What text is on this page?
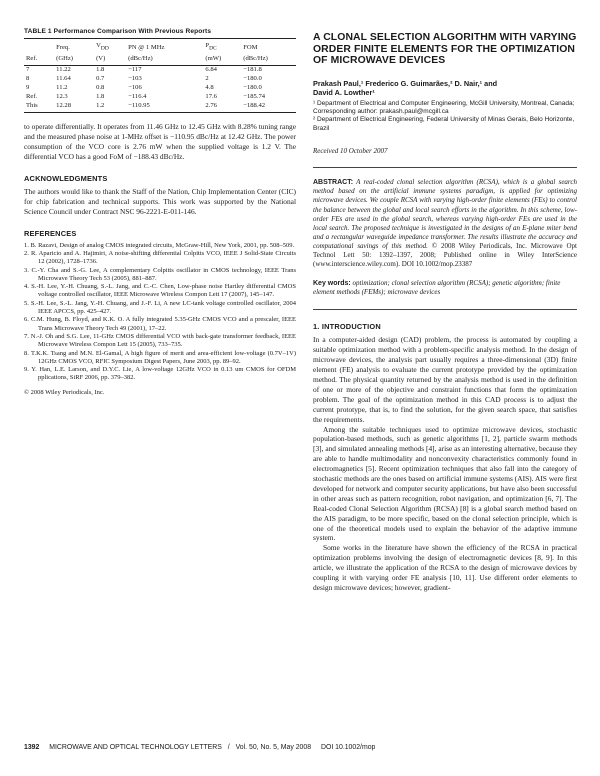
TABLE 1 Performance Comparison With Previous Reports

	Freq.	$V_{DD}$	PN @ 1 MHz	$P_{DC}$	FOM
Ref.	(GHz)	(V)	(dBc/Hz)	(mW)	(dBc/Hz)
7	11.22	1.8	−117	6.84	−181.8
8	11.64	0.7	−103	2	−180.0
9	11.2	0.8	−106	4.8	−180.0
Ref.	12.3	1.8	−116.4	17.6	−185.74
This	12.28	1.2	−110.95	2.76	−188.42

to operate differentially. It operates from 11.46 GHz to 12.45 GHz with 8.28% tuning range and the measured phase noise at 1-MHz offset is −110.95 dBc/Hz at 12.42 GHz. The power consumption of the VCO core is 2.76 mW when the supplied voltage is 1.2 V. The differential VCO has a good FoM of −188.43 dBc/Hz.

ACKNOWLEDGMENTS

The authors would like to thank the Staff of the Nation, Chip Implementation Center (CIC) for chip fabrication and technical supports. This work was supported by the National Science Council under Contract NSC 96-2221-E-011-146.

REFERENCES
1. B. Razavi, Design of analog CMOS integrated circuits, McGraw-Hill, New York, 2001, pp. 508–509.
2. R. Aparicio and A. Hajimiri, A noise-shifting differential Colpitts VCO, IEEE J Solid-State Circuits 12 (2002), 1728–1736.
3. C.-Y. Cha and S.-G. Lee, A complementary Colpitts oscillator in CMOS technology, IEEE Trans Microwave Theory Tech 53 (2005), 881–887.
4. S.-H. Lee, Y.-H. Chuang, S.-L. Jang, and C.-C. Chen, Low-phase noise Hartley differential CMOS voltage controlled oscillator, IEEE Microwave Wireless Compon Lett 17 (2007), 145–147.
5. S.-H. Lee, S.-L. Jang, Y.-H. Chuang, and J.-F. Li, A new LC-tank voltage controlled oscillator, 2004 IEEE APCCS, pp. 425–427.
6. C.M. Hung, B. Floyd, and K.K. O. A fully integrated 5.35-GHz CMOS VCO and a prescaler, IEEE Trans Microwave Theory Tech 49 (2001), 17–22.
7. N.-J. Oh and S.G. Lee, 11-GHz CMOS differential VCO with back-gate transformer feedback, IEEE Microwave Wireless Compon Lett 15 (2005), 733–735.
8. T.K.K. Tsang and M.N. El-Gamal, A high figure of merit and area-efficient low-voltage (0.7V–1V) 12GHz CMOS VCO, RFIC Symposium Digest Papers, June 2003, pp. 89–92.
9. Y. Han, L.E. Larson, and D.Y.C. Lie, A low-voltage 12GHz VCO in 0.13 um CMOS for OFDM pplications, SiRF 2006, pp. 379–382.
© 2008 Wiley Periodicals, Inc.
A CLONAL SELECTION ALGORITHM WITH VARYING ORDER FINITE ELEMENTS FOR THE OPTIMIZATION OF MICROWAVE DEVICES
Prakash Paul,¹ Frederico G. Guimarães,² D. Nair,¹ and
David A. Lowther¹

¹ Department of Electrical and Computer Engineering, McGill University, Montreal, Canada; Corresponding author: prakash.paul@mcgill.ca

² Department of Electrical Engineering, Federal University of Minas Gerais, Belo Horizonte, Brazil

Received 10 October 2007

ABSTRACT: A real-coded clonal selection algorithm (RCSA), which is a global search method based on the artificial immune systems paradigm, is applied for optimizing microwave devices. We couple RCSA with varying high-order finite elements (FEs) to control the balance between the global and local search efforts in the algorithm. In this scheme, low-order FEs are used in the global search, whereas varying high-order FEs are used in the local search. The proposed technique is investigated in the designs of an E-plane miter bend and a rectangular waveguide impedance transformer. The results illustrate the accuracy and computational savings of this method. © 2008 Wiley Periodicals, Inc. Microwave Opt Technol Lett 50: 1392–1397, 2008; Published online in Wiley InterScience (www.interscience.wiley.com). DOI 10.1002/mop.23387

Key words: optimization; clonal selection algorithm (RCSA); genetic algorithm; finite element methods (FEMs); microwave devices

1. INTRODUCTION

In a computer-aided design (CAD) problem, the process is automated by coupling a suitable optimization method with a problem-specific analysis method. In the design of microwave devices, the analysis part usually requires a three-dimensional (3D) finite element (FE) analysis to evaluate the current prototype provided by the optimization method. The physical quantity returned by the analysis method is used in the definition of one or more of the objective and constraint functions that form the optimization problem. The goal of the optimization method in this CAD process is to adjust the current prototype, that is, to find the solution, for the given search space, that satisfies the requirements.

Among the suitable techniques used to optimize microwave devices, stochastic population-based methods, such as genetic algorithms [1, 2], particle swarm methods [3], and simulated annealing methods [4], arise as an interesting alternative, because they are able to handle multimodality and nonconvexity characteristics commonly found in electromagnetics [5]. Recent optimization techniques that also fall into the category of stochastic methods are the ones based on artificial immune systems (AIS). AIS were first developed for network and computer security applications, but have also been successful in other areas such as pattern recognition, robot navigation, and optimization [6, 7]. The Real-coded Clonal Selection Algorithm (RCSA) [8] is a global search method based on the AIS paradigm, to be more specific, based on the clonal selection principle, which is one of the theoretical models used to explain the behavior of the adaptive immune system.

Some works in the literature have shown the efficiency of the RCSA in practical optimization problems involving the design of electromagnetic devices [8, 9]. In this article, we illustrate the application of the RCSA to the design of microwave devices by coupling it with varying order FE analysis [10, 11]. Use different order elements to design microwave devices; however, gradient-

1392 MICROWAVE AND OPTICAL TECHNOLOGY LETTERS / Vol. 50, No. 5, May 2008 DOI 10.1002/mop
